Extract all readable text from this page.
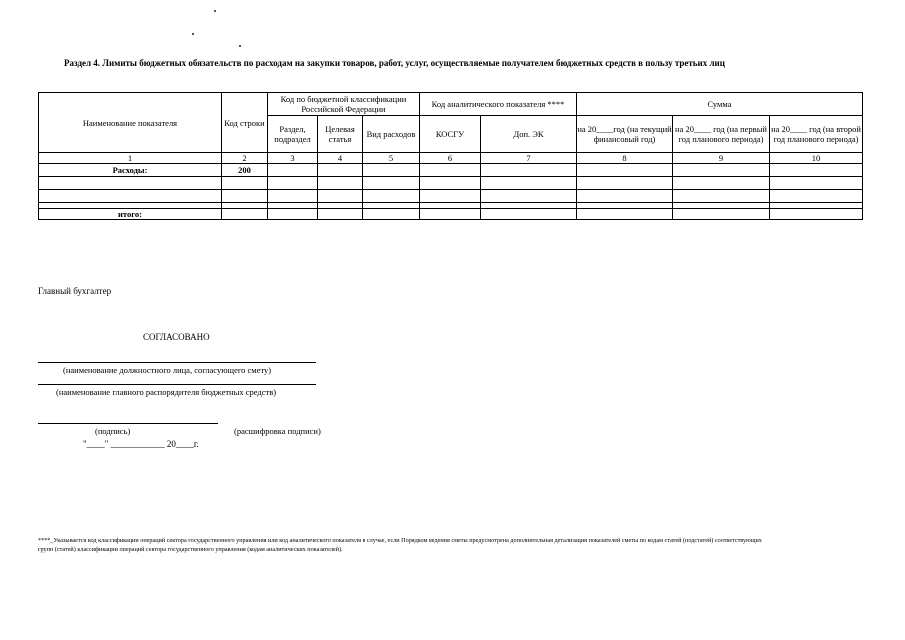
Раздел 4. Лимиты бюджетных обязательств по расходам на закупки товаров, работ, услуг, осуществляемые получателем бюджетных средств в пользу третьих лиц
Наименование показателя	Код строки	Код по бюджетной классификации Российской Федерации			Код аналитического показателя ****		Сумма		
		Раздел, подраздел	Целевая статья	Вид расходов	КОСГУ	Доп. ЭК	на 20____год (на текущий финансовый год)	на 20____ год (на первый год планового периода)	на 20____ год (на второй год планового периода)
1	2	3	4	5	6	7	8	9	10
Расходы:	200								

итого:									
Главный бухгалтер
СОГЛАСОВАНО
(наименование должностного лица, согласующего смету)
(наименование главного распорядителя бюджетных средств)
(подпись)	(расшифровка подписи)
"____" ____________ 20____г.
****_Указывается код классификации операций сектора государственного управления или код аналитического показателя в случае, если Порядком ведения сметы предусмотрена дополнительная детализация показателей сметы по кодам статей (подстатей) соответствующих групп (статей) классификации операций сектора государственного управления (кодам аналитических показателей).
